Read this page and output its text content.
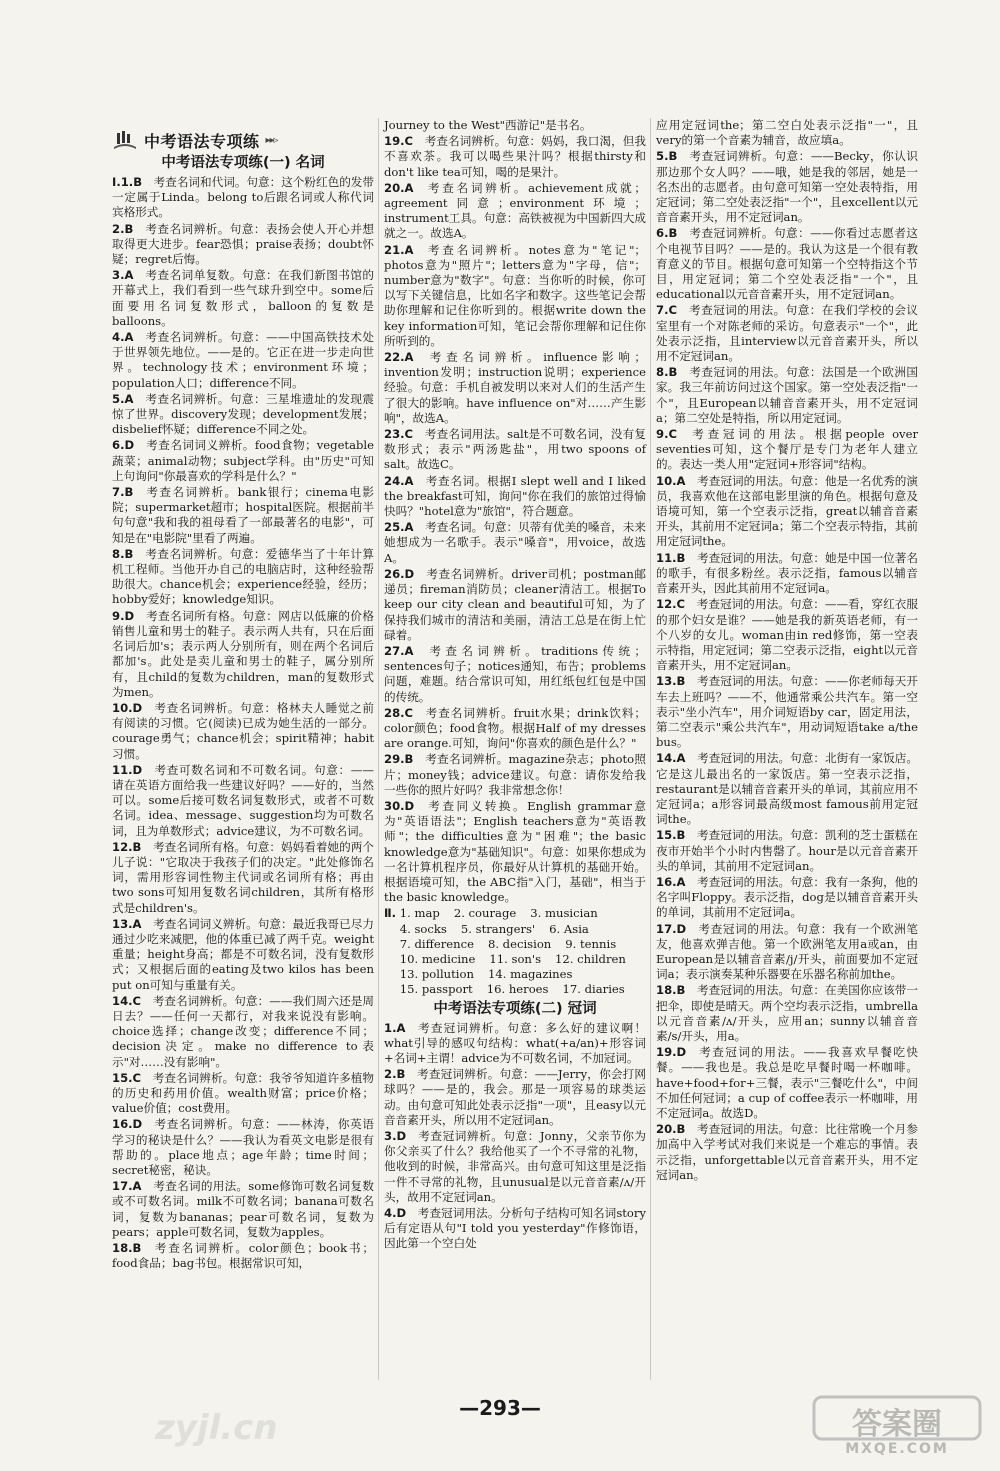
中考语法专项练 ▸▸▹
中考语法专项练(一) 名词
Ⅰ.1.B  考查名词和代词。句意：这个粉红色的发带一定属于Linda。belong to后跟名词或人称代词宾格形式。
2.B  考查名词辨析。句意：表扬会使人开心并想取得更大进步。fear恐惧；praise表扬；doubt怀疑；regret后悔。
3.A  考查名词单复数。句意：在我们新图书馆的开幕式上，我们看到一些气球升到空中。some后面要用名词复数形式，balloon的复数是balloons。
4.A  考查名词辨析。句意：——中国高铁技术处于世界领先地位。——是的。它正在进一步走向世界。technology技术；environment环境；population人口；difference不同。
5.A  考查名词辨析。句意：三星堆遗址的发现震惊了世界。discovery发现；development发展；disbelief怀疑；difference不同之处。
6.D  考查名词词义辨析。food食物；vegetable蔬菜；animal动物；subject学科。由"历史"可知上句询问"你最喜欢的学科是什么？"
7.B  考查名词辨析。bank银行；cinema电影院；supermarket超市；hospital医院。根据前半句句意"我和我的祖母看了一部最著名的电影"，可知是在"电影院"里看了两遍。
8.B  考查名词辨析。句意：爱德华当了十年计算机工程师。当他开办自己的电脑店时，这种经验帮助很大。chance机会；experience经验，经历；hobby爱好；knowledge知识。
9.D  考查名词所有格。句意：网店以低廉的价格销售儿童和男士的鞋子。表示两人共有，只在后面名词后加's；表示两人分别所有，则在两个名词后都加's。此处是卖儿童和男士的鞋子，属分别所有，且child的复数为children，man的复数形式为men。
10.D  考查名词辨析。句意：格林夫人睡觉之前有阅读的习惯。它(阅读)已成为她生活的一部分。courage勇气；chance机会；spirit精神；habit习惯。
11.D  考查可数名词和不可数名词。句意：——请在英语方面给我一些建议好吗？——好的，当然可以。some后接可数名词复数形式，或者不可数名词。idea、message、suggestion均为可数名词，且为单数形式；advice建议，为不可数名词。
12.B  考查名词所有格。句意：妈妈看着她的两个儿子说："它取决于我孩子们的决定。"此处修饰名词，需用形容词性物主代词或名词所有格；再由two sons可知用复数名词children，其所有格形式是children's。
13.A  考查名词词义辨析。句意：最近我哥已尽力通过少吃来减肥，他的体重已减了两千克。weight重量；height身高；都是不可数名词，没有复数形式；又根据后面的eating及two kilos has been put on可知与重量有关。
14.C  考查名词辨析。句意：——我们周六还是周日去？——任何一天都行，对我来说没有影响。choice选择；change改变；difference不同；decision决定。make no difference to表示"对……没有影响"。
15.C  考查名词辨析。句意：我爷爷知道许多植物的历史和药用价值。wealth财富；price价格；value价值；cost费用。
16.D  考查名词辨析。句意：——林涛，你英语学习的秘诀是什么？——我认为看英文电影是很有帮助的。place地点；age年龄；time时间；secret秘密，秘诀。
17.A  考查名词的用法。some修饰可数名词复数或不可数名词。milk不可数名词；banana可数名词，复数为bananas；pear可数名词，复数为pears；apple可数名词，复数为apples。
18.B  考查名词辨析。color颜色；book书；food食品；bag书包。根据常识可知，
Journey to the West"西游记"是书名。
19.C  考查名词辨析。句意：妈妈，我口渴，但我不喜欢茶。我可以喝些果汁吗？根据thirsty和don't like tea可知，喝的是果汁。
20.A  考查名词辨析。achievement成就；agreement同意；environment环境；instrument工具。句意：高铁被视为中国新四大成就之一。故选A。
21.A  考查名词辨析。notes意为"笔记"；photos意为"照片"；letters意为"字母，信"；number意为"数字"。句意：当你听的时候，你可以写下关键信息，比如名字和数字。这些笔记会帮助你理解和记住你听到的。根据write down the key information可知，笔记会帮你理解和记住你所听到的。
22.A  考查名词辨析。influence影响；invention发明；instruction说明；experience经验。句意：手机自被发明以来对人们的生活产生了很大的影响。have influence on"对……产生影响"，故选A。
23.C  考查名词用法。salt是不可数名词，没有复数形式；表示"两汤匙盐"，用two spoons of salt。故选C。
24.A  考查名词。根据I slept well and I liked the breakfast可知，询问"你在我们的旅馆过得愉快吗？"hotel意为"旅馆"，符合题意。
25.A  考查名词。句意：贝蒂有优美的嗓音，未来她想成为一名歌手。表示"嗓音"，用voice，故选A。
26.D  考查名词辨析。driver司机；postman邮递员；fireman消防员；cleaner清洁工。根据To keep our city clean and beautiful可知，为了保持我们城市的清洁和美丽，清洁工总是在街上忙碌着。
27.A  考查名词辨析。traditions传统；sentences句子；notices通知，布告；problems问题，难题。结合常识可知，用红纸包红包是中国的传统。
28.C  考查名词辨析。fruit水果；drink饮料；color颜色；food食物。根据Half of my dresses are orange.可知，询问"你喜欢的颜色是什么？"
29.B  考查名词辨析。magazine杂志；photo照片；money钱；advice建议。句意：请你发给我一些你的照片好吗？我非常想念你！
30.D  考查同义转换。English grammar意为"英语语法"；English teachers意为"英语教师"；the difficulties意为"困难"；the basic knowledge意为"基础知识"。句意：如果你想成为一名计算机程序员，你最好从计算机的基础开始。根据语境可知，the ABC指"入门，基础"，相当于the basic knowledge。
Ⅱ. 1. map 2. courage 3. musician
4. socks 5. strangers' 6. Asia
7. difference 8. decision 9. tennis
10. medicine 11. son's 12. children
13. pollution 14. magazines
15. passport 16. heroes 17. diaries
中考语法专项练(二) 冠词
1.A  考查冠词辨析。句意：多么好的建议啊！what引导的感叹句结构：what(+a/an)+形容词+名词+主谓！advice为不可数名词，不加冠词。
2.B  考查冠词辨析。句意：——Jerry，你会打网球吗？——是的，我会。那是一项容易的球类运动。由句意可知此处表示泛指"一项"，且easy以元音音素开头，所以用不定冠词an。
3.D  考查冠词辨析。句意：Jonny，父亲节你为你父亲买了什么？我给他买了一个不寻常的礼物，他收到的时候，非常高兴。由句意可知这里是泛指一件不寻常的礼物，且unusual是以元音音素/ʌ/开头，故用不定冠词an。
4.D  考查冠词用法。分析句子结构可知名词story后有定语从句"I told you yesterday"作修饰语，因此第一个空白处
应用定冠词the；第二空白处表示泛指"一"，且very的第一个音素为辅音，故应填a。
5.B  考查冠词辨析。句意：——Becky，你认识那边那个女人吗？——哦，她是我的邻居，她是一名杰出的志愿者。由句意可知第一空处表特指，用定冠词；第二空处表泛指"一个"，且excellent以元音音素开头，用不定冠词an。
6.B  考查冠词辨析。句意：——你看过志愿者这个电视节目吗？——是的。我认为这是一个很有教育意义的节目。根据句意可知第一个空特指这个节目，用定冠词；第二个空处表泛指"一个"，且educational以元音音素开头，用不定冠词an。
7.C  考查冠词的用法。句意：在我们学校的会议室里有一个对陈老师的采访。句意表示"一个"，此处表示泛指，且interview以元音音素开头，所以用不定冠词an。
8.B  考查冠词的用法。句意：法国是一个欧洲国家。我三年前访问过这个国家。第一空处表泛指"一个"，且European以辅音音素开头，用不定冠词a；第二空处是特指，所以用定冠词。
9.C  考查冠词的用法。根据people over seventies可知，这个餐厅是专门为老年人建立的。表达一类人用"定冠词+形容词"结构。
10.A  考查冠词的用法。句意：他是一名优秀的演员，我喜欢他在这部电影里演的角色。根据句意及语境可知，第一个空表示泛指，great以辅音音素开头，其前用不定冠词a；第二个空表示特指，其前用定冠词the。
11.B  考查冠词的用法。句意：她是中国一位著名的歌手，有很多粉丝。表示泛指，famous以辅音音素开头，因此其前用不定冠词a。
12.C  考查冠词的用法。句意：——看，穿红衣服的那个妇女是谁？——她是我的新英语老师，有一个八岁的女儿。woman由in red修饰，第一空表示特指，用定冠词；第二空表示泛指，eight以元音音素开头，用不定冠词an。
13.B  考查冠词的用法。句意：——你老师每天开车去上班吗？——不，他通常乘公共汽车。第一空表示"坐小汽车"，用介词短语by car，固定用法，第二空表示"乘公共汽车"，用动词短语take a/the bus。
14.A  考查冠词的用法。句意：北街有一家饭店。它是这儿最出名的一家饭店。第一空表示泛指，restaurant是以辅音音素开头的单词，其前应用不定冠词a；a形容词最高级most famous前用定冠词the。
15.B  考查冠词的用法。句意：凯利的芝士蛋糕在夜市开始半个小时内售罄了。hour是以元音音素开头的单词，其前用不定冠词an。
16.A  考查冠词的用法。句意：我有一条狗，他的名字叫Floppy。表示泛指，dog是以辅音音素开头的单词，其前用不定冠词a。
17.D  考查冠词的用法。句意：我有一个欧洲笔友，他喜欢弹吉他。第一个欧洲笔友用a或an，由European是以辅音音素/j/开头，前面要加不定冠词a；表示演奏某种乐器要在乐器名称前加the。
18.B  考查冠词的用法。句意：在美国你应该带一把伞，即使是晴天。两个空均表示泛指，umbrella以元音音素/ʌ/开头，应用an；sunny以辅音音素/s/开头，用a。
19.D  考查冠词的用法。——我喜欢早餐吃快餐。——我也是。我总是吃早餐时喝一杯咖啡。have+food+for+三餐，表示"三餐吃什么"，中间不加任何冠词；a cup of coffee表示一杯咖啡，用不定冠词a。故选D。
20.B  考查冠词的用法。句意：比往常晚一个月参加高中入学考试对我们来说是一个难忘的事情。表示泛指，unforgettable以元音音素开头，用不定冠词an。
—293—
zyjl.cn	答案圈
MXQE.COM
